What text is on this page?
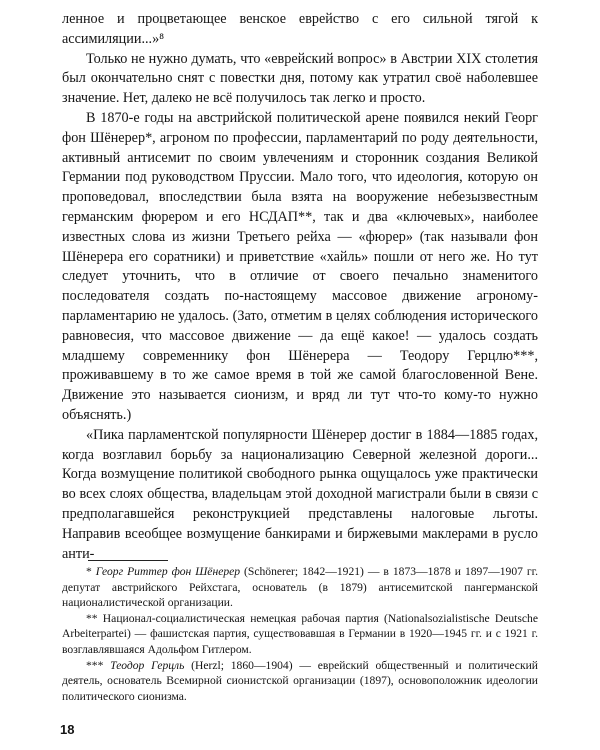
ленное и процветающее венское еврейство с его сильной тягой к ассимиляции...»⁸

Только не нужно думать, что «еврейский вопрос» в Австрии XIX столетия был окончательно снят с повестки дня, потому как утратил своё наболевшее значение. Нет, далеко не всё получилось так легко и просто.

В 1870-е годы на австрийской политической арене появился некий Георг фон Шёнерер*, агроном по профессии, парламентарий по роду деятельности, активный антисемит по своим увлечениям и сторонник создания Великой Германии под руководством Пруссии. Мало того, что идеология, которую он проповедовал, впоследствии была взята на вооружение небезызвестным германским фюрером и его НСДАП**, так и два «ключевых», наиболее известных слова из жизни Третьего рейха — «фюрер» (так называли фон Шёнерера его соратники) и приветствие «хайль» пошли от него же. Но тут следует уточнить, что в отличие от своего печально знаменитого последователя создать по-настоящему массовое движение агроному-парламентарию не удалось. (Зато, отметим в целях соблюдения исторического равновесия, что массовое движение — да ещё какое! — удалось создать младшему современнику фон Шёнерера — Теодору Герцлю***, проживавшему в то же самое время в той же самой благословенной Вене. Движение это называется сионизм, и вряд ли тут что-то кому-то нужно объяснять.)

«Пика парламентской популярности Шёнерер достиг в 1884—1885 годах, когда возглавил борьбу за национализацию Северной железной дороги... Когда возмущение политикой свободного рынка ощущалось уже практически во всех слоях общества, владельцам этой доходной магистрали были в связи с предполагавшейся реконструкцией представлены налоговые льготы. Направив всеобщее возмущение банкирами и биржевыми маклерами в русло анти-

* Георг Риттер фон Шёнерер (Schönerer; 1842—1921) — в 1873—1878 и 1897—1907 гг. депутат австрийского Рейхстага, основатель (в 1879) антисемитской пангерманской националистической организации.

** Национал-социалистическая немецкая рабочая партия (Nationalsozialistische Deutsche Arbeiterpartei) — фашистская партия, существовавшая в Германии в 1920—1945 гг. и с 1921 г. возглавлявшаяся Адольфом Гитлером.

*** Теодор Герцль (Herzl; 1860—1904) — еврейский общественный и политический деятель, основатель Всемирной сионистской организации (1897), основоположник идеологии политического сионизма.

18
